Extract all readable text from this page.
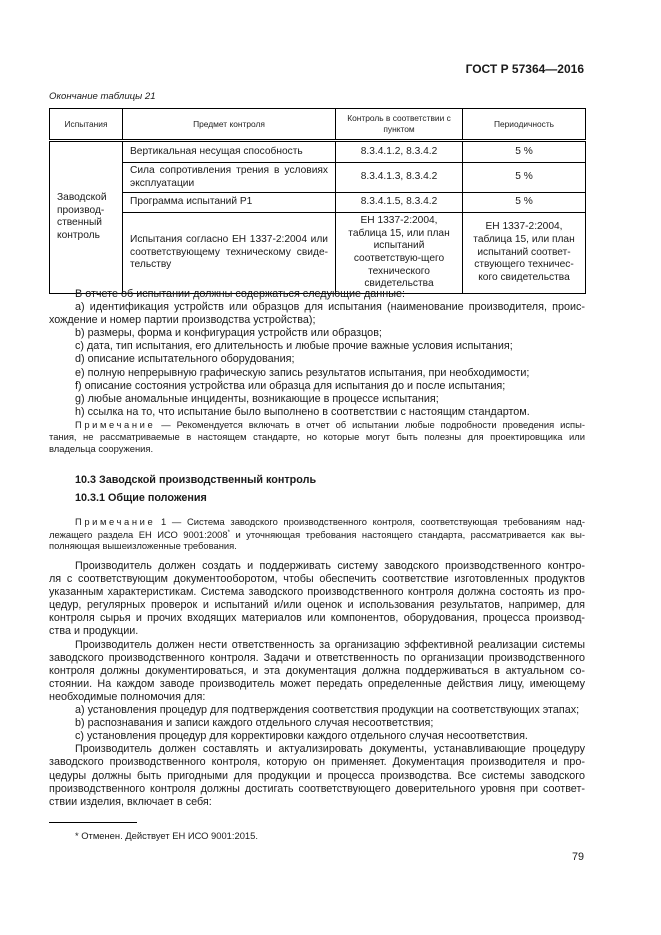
ГОСТ Р 57364—2016
Окончание таблицы 21
Испытания	Предмет контроля	Контроль в соответствии с пунктом	Периодичность
Заводской производ-ственный контроль	Вертикальная несущая способность	8.3.4.1.2, 8.3.4.2	5 %
	Сила сопротивления трения в условиях эксплуатации	8.3.4.1.3, 8.3.4.2	5 %
	Программа испытаний Р1	8.3.4.1.5, 8.3.4.2	5 %
	Испытания согласно ЕН 1337-2:2004 или соответствующему техническому свиде-тельству	ЕН 1337-2:2004, таблица 15, или план испытаний соответствую-щего технического свидетельства	ЕН 1337-2:2004, таблица 15, или план испытаний соответ-ствующего техничес-кого свидетельства
В отчете об испытании должны содержаться следующие данные:
a) идентификация устройств или образцов для испытания (наименование производителя, проис-
хождение и номер партии производства устройства);
b) размеры, форма и конфигурация устройств или образцов;
c) дата, тип испытания, его длительность и любые прочие важные условия испытания;
d) описание испытательного оборудования;
e) полную непрерывную графическую запись результатов испытания, при необходимости;
f) описание состояния устройства или образца для испытания до и после испытания;
g) любые аномальные инциденты, возникающие в процессе испытания;
h) ссылка на то, что испытание было выполнено в соответствии с настоящим стандартом.
Примечание — Рекомендуется включать в отчет об испытании любые подробности проведения испы-
тания, не рассматриваемые в настоящем стандарте, но которые могут быть полезны для проектировщика или
владельца сооружения.
10.3 Заводской производственный контроль
10.3.1 Общие положения
Примечание 1 — Система заводского производственного контроля, соответствующая требованиям над-
лежащего раздела ЕН ИСО 9001:2008* и уточняющая требования настоящего стандарта, рассматривается как вы-
полняющая вышеизложенные требования.
Производитель должен создать и поддерживать систему заводского производственного контро-
ля с соответствующим документооборотом, чтобы обеспечить соответствие изготовленных продуктов
указанным характеристикам. Система заводского производственного контроля должна состоять из про-
цедур, регулярных проверок и испытаний и/или оценок и использования результатов, например, для
контроля сырья и прочих входящих материалов или компонентов, оборудования, процесса производ-
ства и продукции.
Производитель должен нести ответственность за организацию эффективной реализации системы
заводского производственного контроля. Задачи и ответственность по организации производственного
контроля должны документироваться, и эта документация должна поддерживаться в актуальном со-
стоянии. На каждом заводе производитель может передать определенные действия лицу, имеющему
необходимые полномочия для:
a) установления процедур для подтверждения соответствия продукции на соответствующих этапах;
b) распознавания и записи каждого отдельного случая несоответствия;
c) установления процедур для корректировки каждого отдельного случая несоответствия.
Производитель должен составлять и актуализировать документы, устанавливающие процедуру
заводского производственного контроля, которую он применяет. Документация производителя и про-
цедуры должны быть пригодными для продукции и процесса производства. Все системы заводского
производственного контроля должны достигать соответствующего доверительного уровня при соответ-
ствии изделия, включает в себя:
* Отменен. Действует ЕН ИСО 9001:2015.
79
